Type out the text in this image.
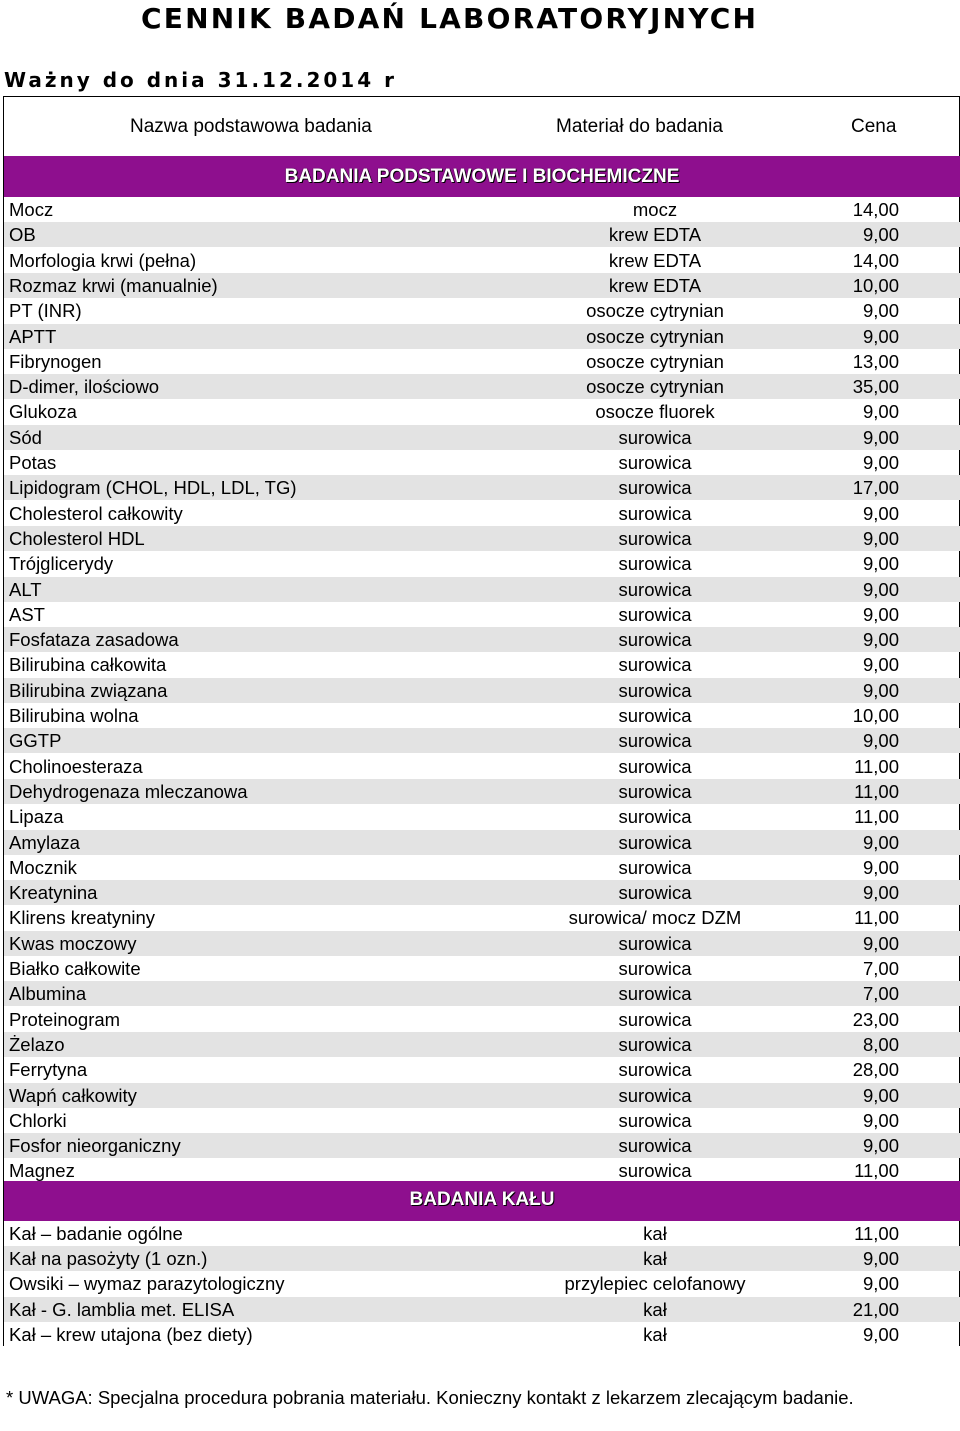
CENNIK BADAŃ LABORATORYJNYCH
Ważny do dnia 31.12.2014 r
Nazwa podstawowa badania	Materiał do badania	Cena
BADANIA PODSTAWOWE I BIOCHEMICZNE
Mocz	mocz	14,00
OB	krew EDTA	9,00
Morfologia krwi (pełna)	krew EDTA	14,00
Rozmaz krwi (manualnie)	krew EDTA	10,00
PT (INR)	osocze cytrynian	9,00
APTT	osocze cytrynian	9,00
Fibrynogen	osocze cytrynian	13,00
D-dimer, ilościowo	osocze cytrynian	35,00
Glukoza	osocze fluorek	9,00
Sód	surowica	9,00
Potas	surowica	9,00
Lipidogram (CHOL, HDL, LDL, TG)	surowica	17,00
Cholesterol całkowity	surowica	9,00
Cholesterol HDL	surowica	9,00
Trójglicerydy	surowica	9,00
ALT	surowica	9,00
AST	surowica	9,00
Fosfataza zasadowa	surowica	9,00
Bilirubina całkowita	surowica	9,00
Bilirubina związana	surowica	9,00
Bilirubina wolna	surowica	10,00
GGTP	surowica	9,00
Cholinoesteraza	surowica	11,00
Dehydrogenaza mleczanowa	surowica	11,00
Lipaza	surowica	11,00
Amylaza	surowica	9,00
Mocznik	surowica	9,00
Kreatynina	surowica	9,00
Klirens kreatyniny	surowica/ mocz DZM	11,00
Kwas moczowy	surowica	9,00
Białko całkowite	surowica	7,00
Albumina	surowica	7,00
Proteinogram	surowica	23,00
Żelazo	surowica	8,00
Ferrytyna	surowica	28,00
Wapń całkowity	surowica	9,00
Chlorki	surowica	9,00
Fosfor nieorganiczny	surowica	9,00
Magnez	surowica	11,00
BADANIA KAŁU
Kał – badanie ogólne	kał	11,00
Kał na pasożyty (1 ozn.)	kał	9,00
Owsiki – wymaz parazytologiczny	przylepiec celofanowy	9,00
Kał - G. lamblia met. ELISA	kał	21,00
Kał – krew utajona (bez diety)	kał	9,00
* UWAGA: Specjalna procedura pobrania materiału. Konieczny kontakt z lekarzem zlecającym badanie.
